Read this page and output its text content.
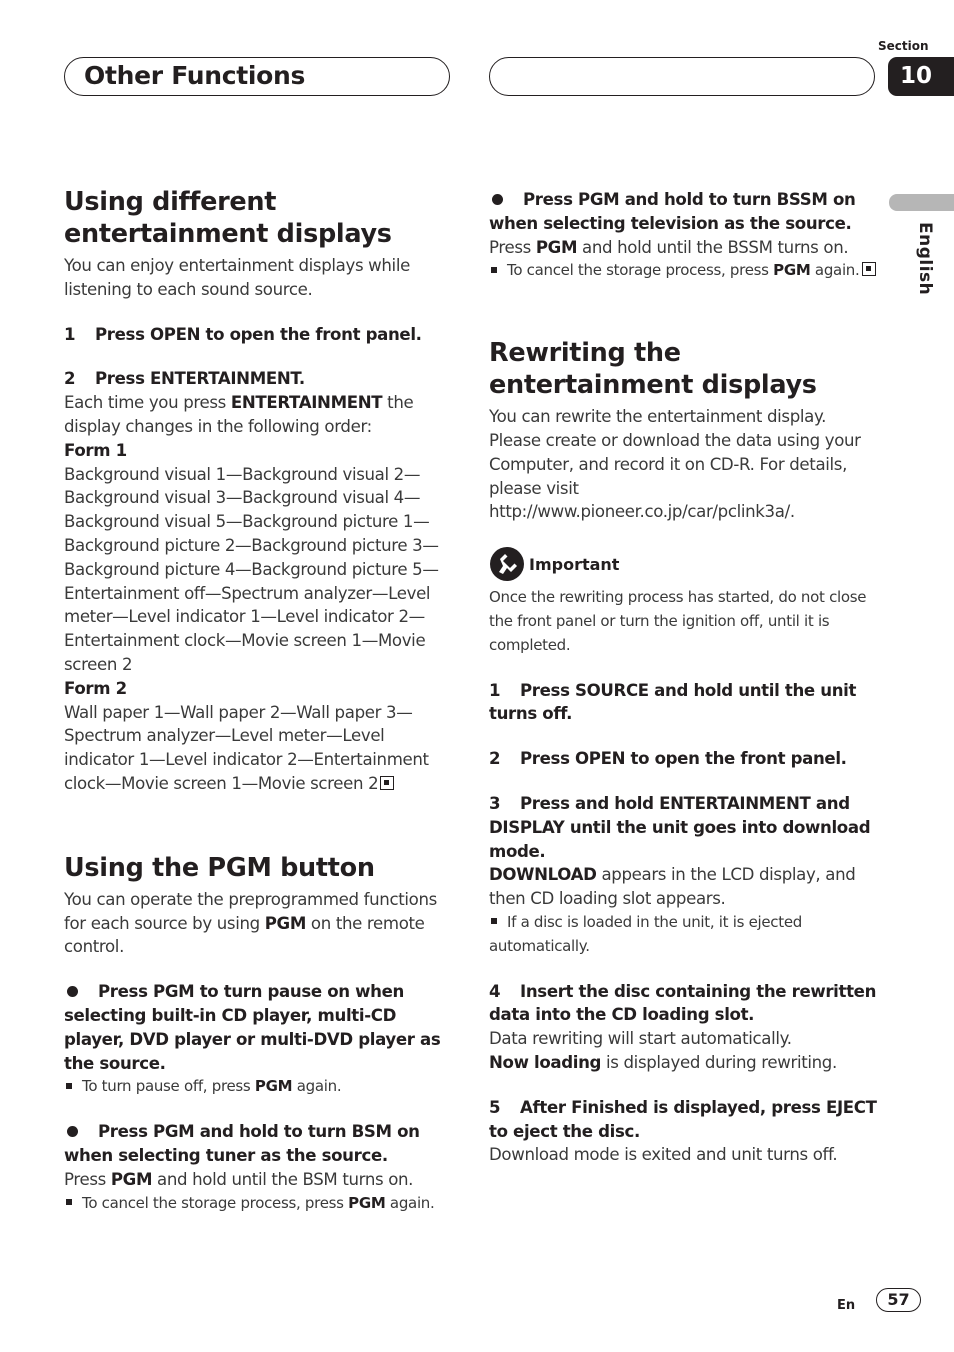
Other Functions
Section
10
English
Using different entertainment displays

You can enjoy entertainment displays while listening to each sound source.

1 Press OPEN to open the front panel.

2 Press ENTERTAINMENT.

Each time you press ENTERTAINMENT the display changes in the following order:

Form 1

Background visual 1—Background visual 2—Background visual 3—Background visual 4—Background visual 5—Background picture 1—Background picture 2—Background picture 3—Background picture 4—Background picture 5—Entertainment off—Spectrum analyzer—Level meter—Level indicator 1—Level indicator 2—Entertainment clock—Movie screen 1—Movie screen 2

Form 2

Wall paper 1—Wall paper 2—Wall paper 3—Spectrum analyzer—Level meter—Level indicator 1—Level indicator 2—Entertainment clock—Movie screen 1—Movie screen 2

Using the PGM button

You can operate the preprogrammed functions for each source by using PGM on the remote control.

Press PGM to turn pause on when selecting built-in CD player, multi-CD player, DVD player or multi-DVD player as the source.

To turn pause off, press PGM again.

Press PGM and hold to turn BSM on when selecting tuner as the source.

Press PGM and hold until the BSM turns on.

To cancel the storage process, press PGM again.

Press PGM and hold to turn BSSM on when selecting television as the source.

Press PGM and hold until the BSSM turns on.

To cancel the storage process, press PGM again.

Rewriting the entertainment displays

You can rewrite the entertainment display. Please create or download the data using your Computer, and record it on CD-R. For details, please visit http://www.pioneer.co.jp/car/pclink3a/.

Important

Once the rewriting process has started, do not close the front panel or turn the ignition off, until it is completed.

1 Press SOURCE and hold until the unit turns off.

2 Press OPEN to open the front panel.

3 Press and hold ENTERTAINMENT and DISPLAY until the unit goes into download mode.

DOWNLOAD appears in the LCD display, and then CD loading slot appears.

If a disc is loaded in the unit, it is ejected automatically.

4 Insert the disc containing the rewritten data into the CD loading slot.

Data rewriting will start automatically.

Now loading is displayed during rewriting.

5 After Finished is displayed, press EJECT to eject the disc.

Download mode is exited and unit turns off.

En	57
